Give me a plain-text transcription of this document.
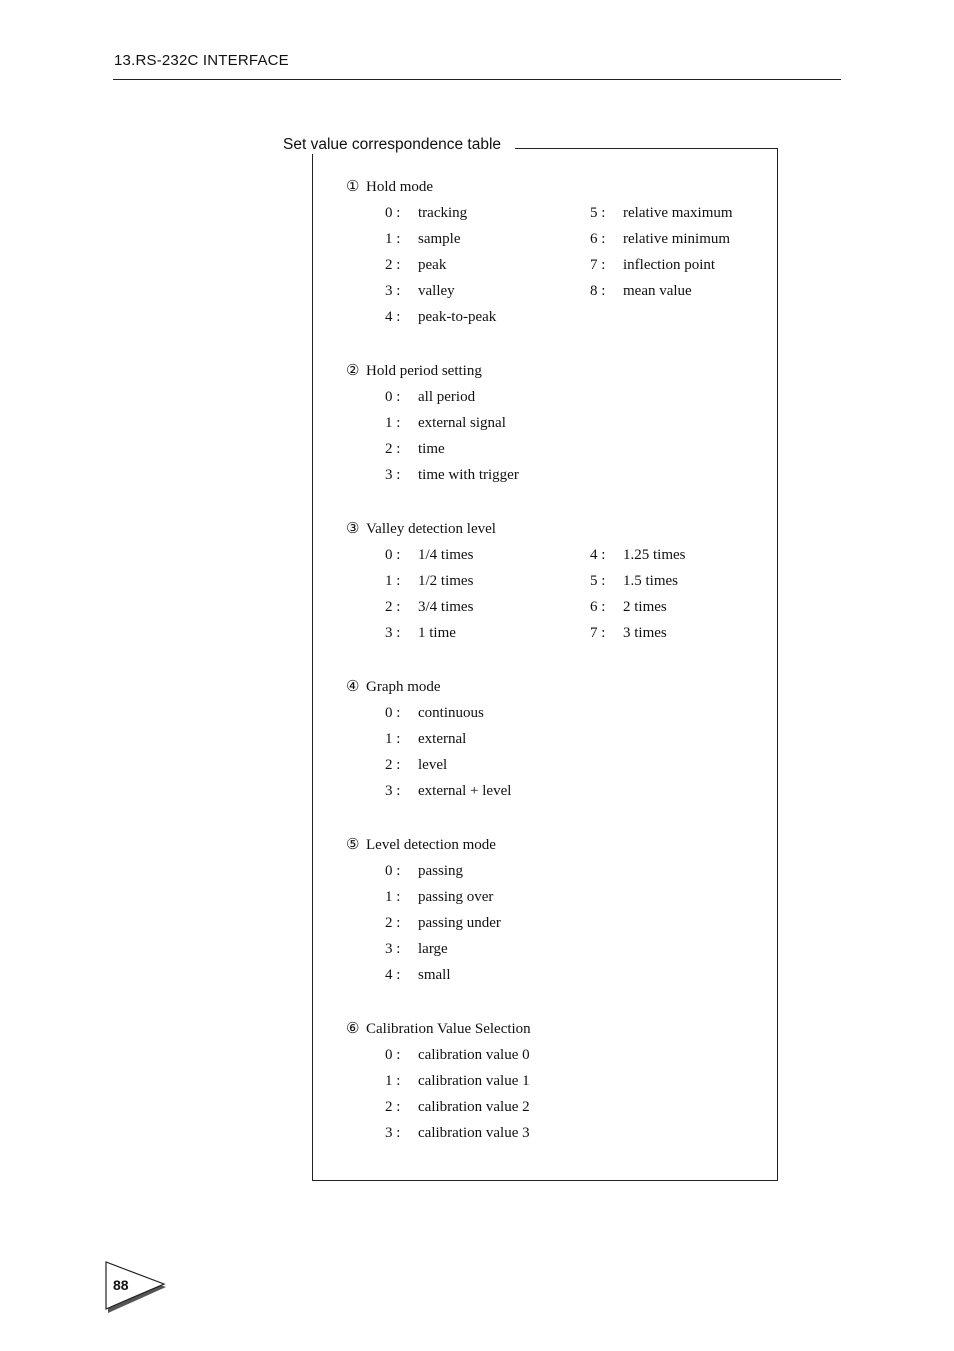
13.RS-232C INTERFACE
Set value correspondence table
① Hold mode
0 : tracking	5 : relative maximum
1 : sample	6 : relative minimum
2 : peak	7 : inflection point
3 : valley	8 : mean value
4 : peak-to-peak
② Hold period setting
0 : all period
1 : external signal
2 : time
3 : time with trigger
③ Valley detection level
0 : 1/4 times	4 : 1.25 times
1 : 1/2 times	5 : 1.5 times
2 : 3/4 times	6 : 2 times
3 : 1 time	7 : 3 times
④ Graph mode
0 : continuous
1 : external
2 : level
3 : external + level
⑤ Level detection mode
0 : passing
1 : passing over
2 : passing under
3 : large
4 : small
⑥ Calibration Value Selection
0 : calibration value 0
1 : calibration value 1
2 : calibration value 2
3 : calibration value 3
88
